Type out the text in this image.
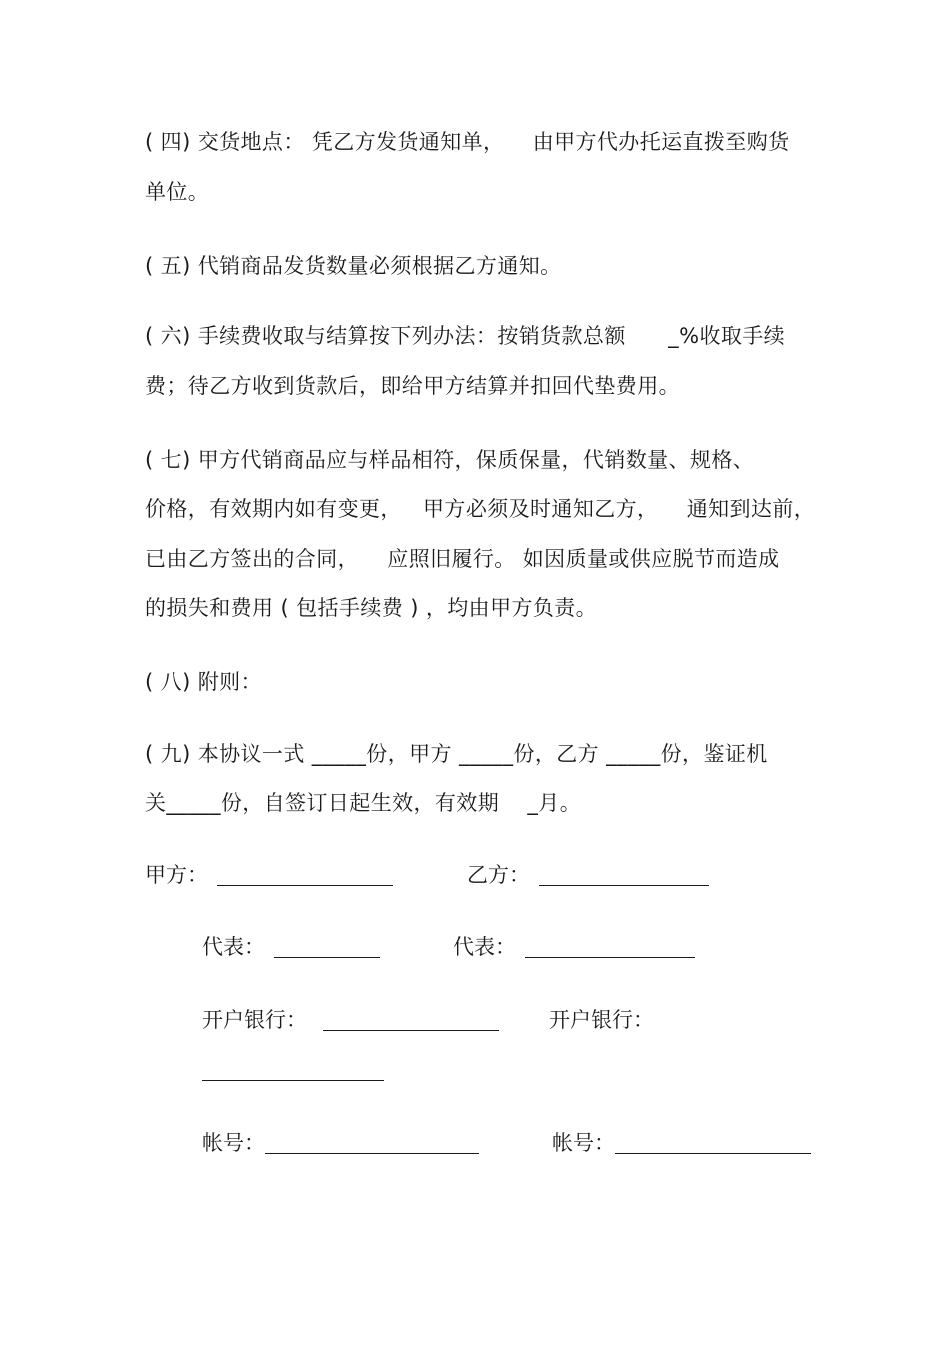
( 四) 交货地点： 凭乙方发货通知单，    由甲方代办托运直拨至购货
单位。
( 五) 代销商品发货数量必须根据乙方通知。
( 六) 手续费收取与结算按下列办法：按销货款总额      _%收取手续
费；待乙方收到货款后，即给甲方结算并扣回代垫费用。
( 七) 甲方代销商品应与样品相符，保质保量，代销数量、规格、
价格，有效期内如有变更，   甲方必须及时通知乙方，    通知到达前，
已由乙方签出的合同，    应照旧履行。 如因质量或供应脱节而造成
的损失和费用 ( 包括手续费 ) ，均由甲方负责。
( 八) 附则：
( 九) 本协议一式 _____份，甲方 _____份，乙方 _____份，鉴证机
关_____份，自签订日起生效，有效期    _月。
甲方：	乙方：
代表：	代表：
开户银行：	开户银行：
帐号：	帐号：
